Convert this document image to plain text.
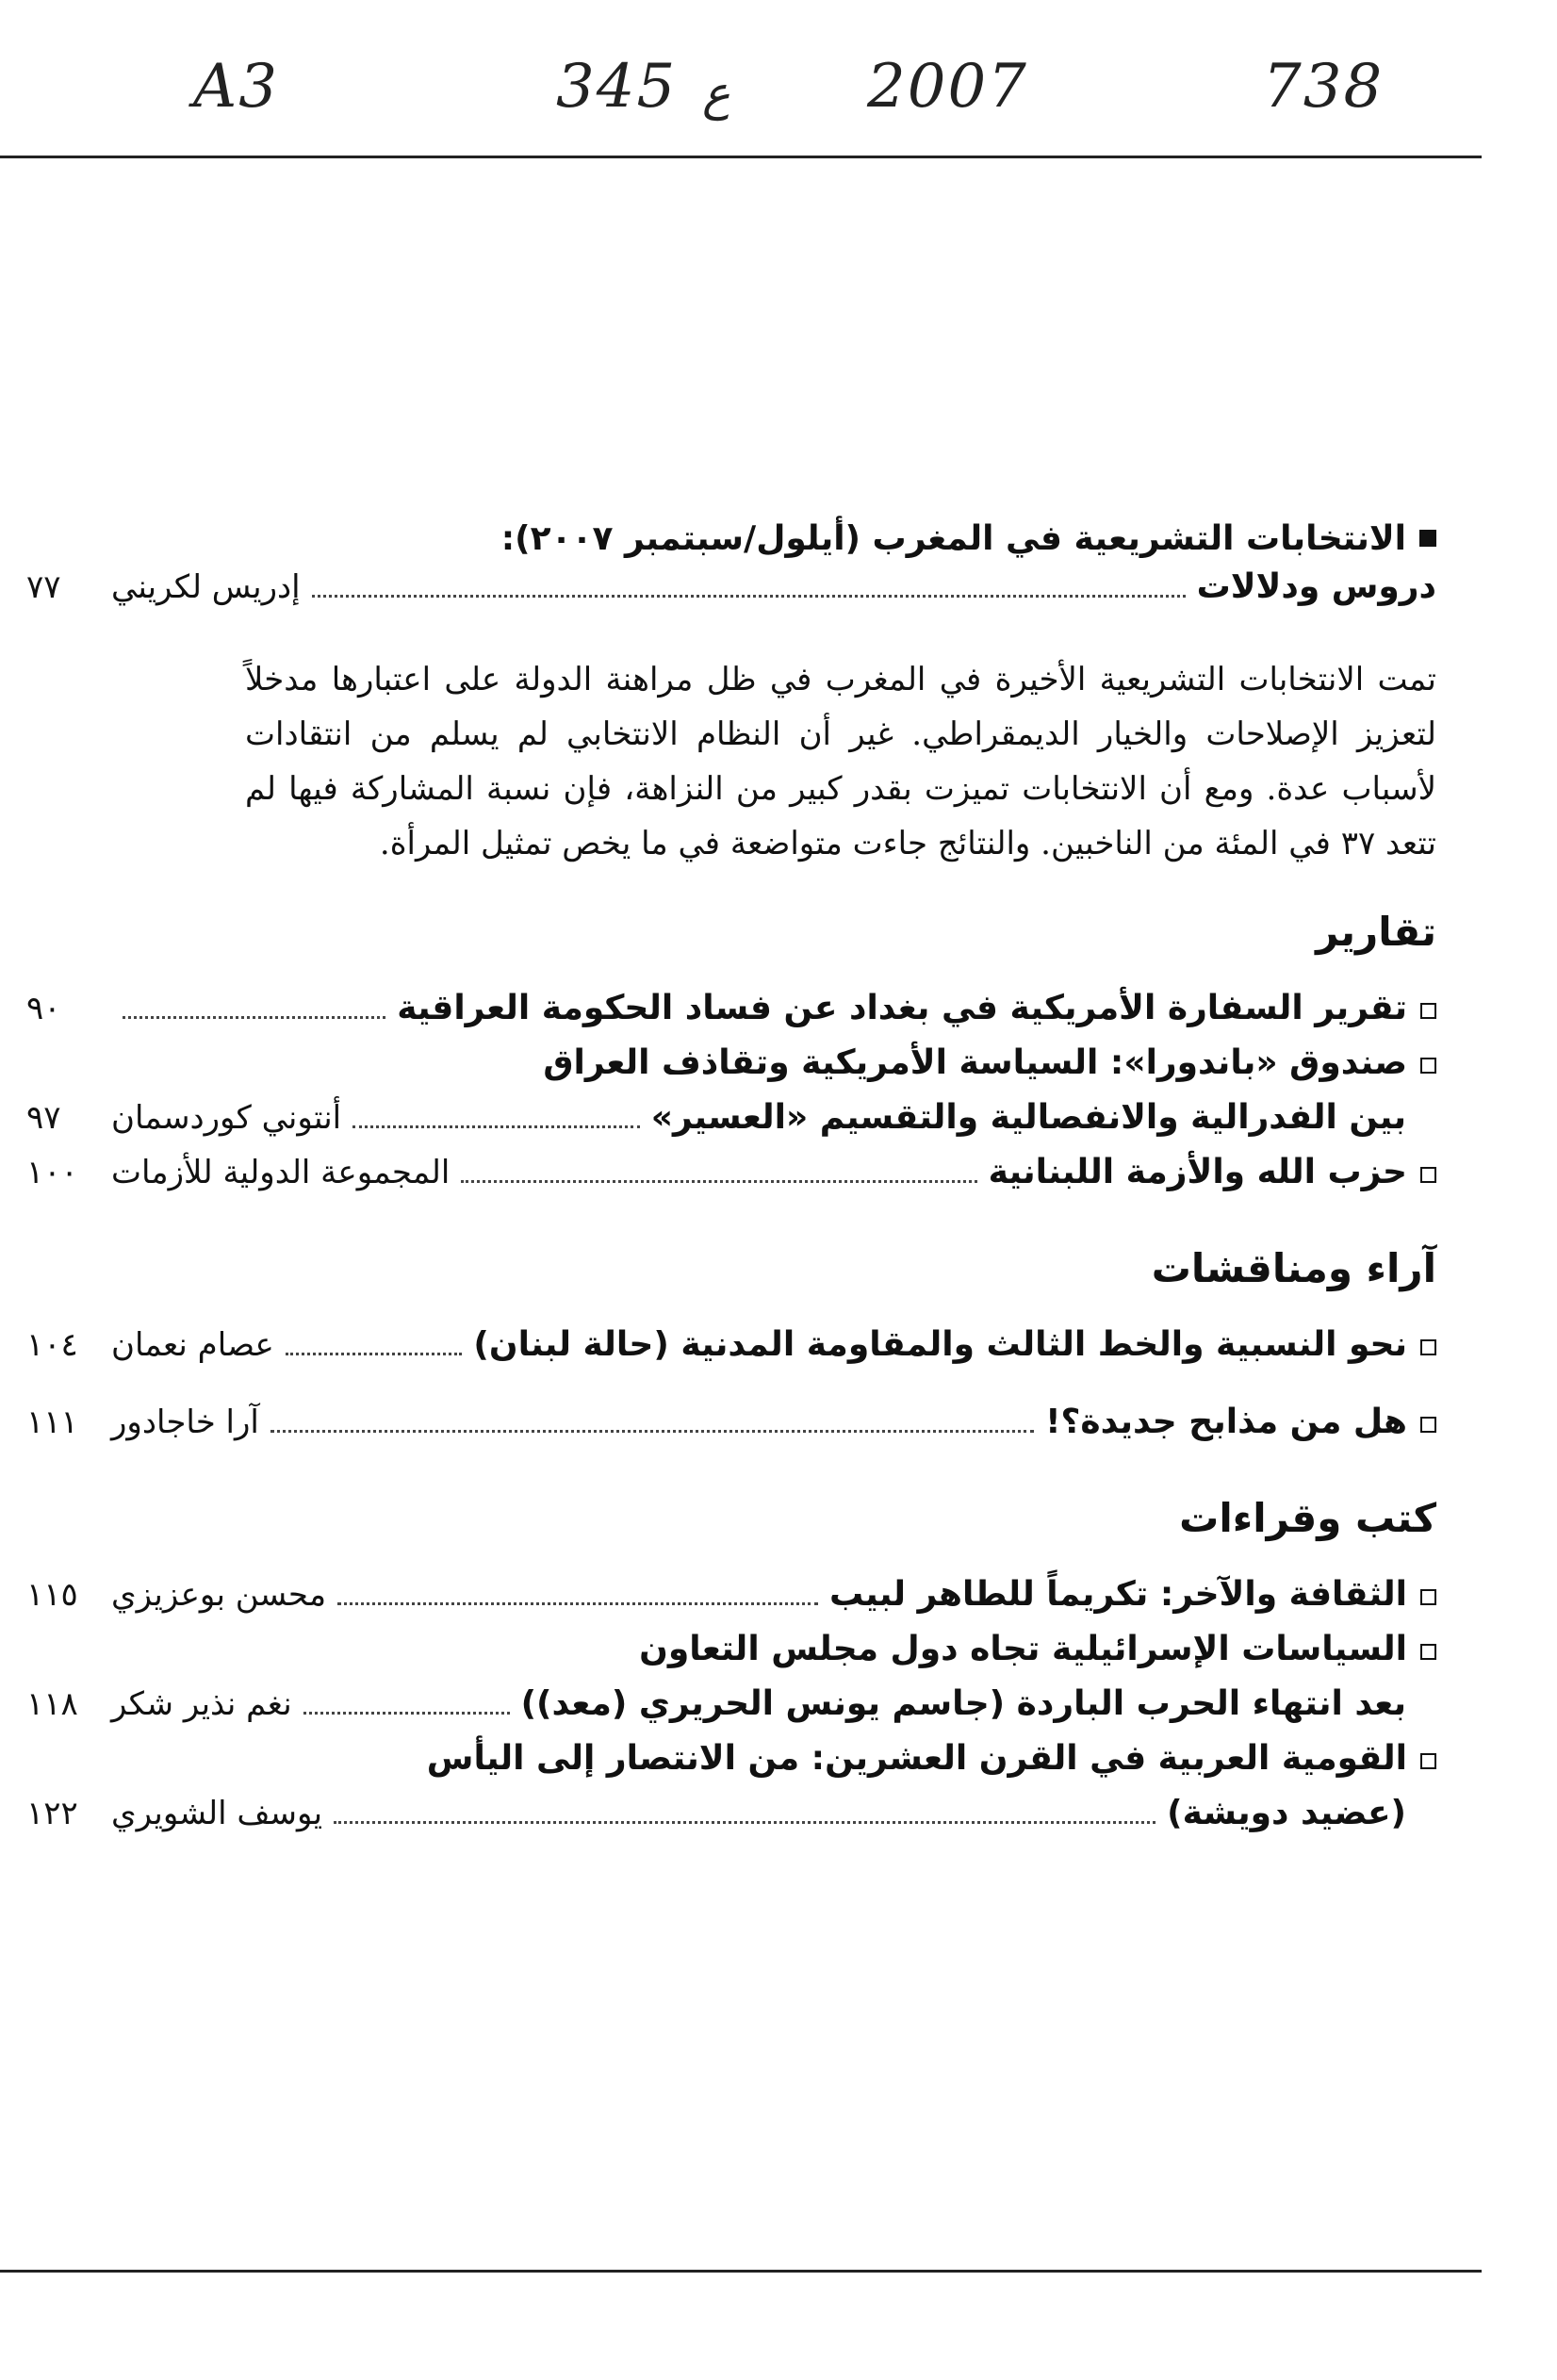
A3	345 ع 2007	738
الانتخابات التشريعية في المغرب (أيلول/سبتمبر ٢٠٠٧):
دروس ودلالات
إدريس لكريني
٧٧

تمت الانتخابات التشريعية الأخيرة في المغرب في ظل مراهنة الدولة على اعتبارها مدخلاً لتعزيز الإصلاحات والخيار الديمقراطي. غير أن النظام الانتخابي لم يسلم من انتقادات لأسباب عدة. ومع أن الانتخابات تميزت بقدر كبير من النزاهة، فإن نسبة المشاركة فيها لم تتعد ٣٧ في المئة من الناخبين. والنتائج جاءت متواضعة في ما يخص تمثيل المرأة.

تقارير
تقرير السفارة الأمريكية في بغداد عن فساد الحكومة العراقية
٩٠
صندوق «باندورا»: السياسة الأمريكية وتقاذف العراق
بين الفدرالية والانفصالية والتقسيم «العسير»
أنتوني كوردسمان
٩٧
حزب الله والأزمة اللبنانية
المجموعة الدولية للأزمات
١٠٠
آراء ومناقشات
نحو النسبية والخط الثالث والمقاومة المدنية (حالة لبنان)
عصام نعمان
١٠٤
هل من مذابح جديدة؟!
آرا خاجادور
١١١
كتب وقراءات
الثقافة والآخر: تكريماً للطاهر لبيب
محسن بوعزيزي
١١٥
السياسات الإسرائيلية تجاه دول مجلس التعاون
بعد انتهاء الحرب الباردة (جاسم يونس الحريري (معد))
نغم نذير شكر
١١٨
القومية العربية في القرن العشرين: من الانتصار إلى اليأس
(عضيد دويشة)
يوسف الشويري
١٢٢
